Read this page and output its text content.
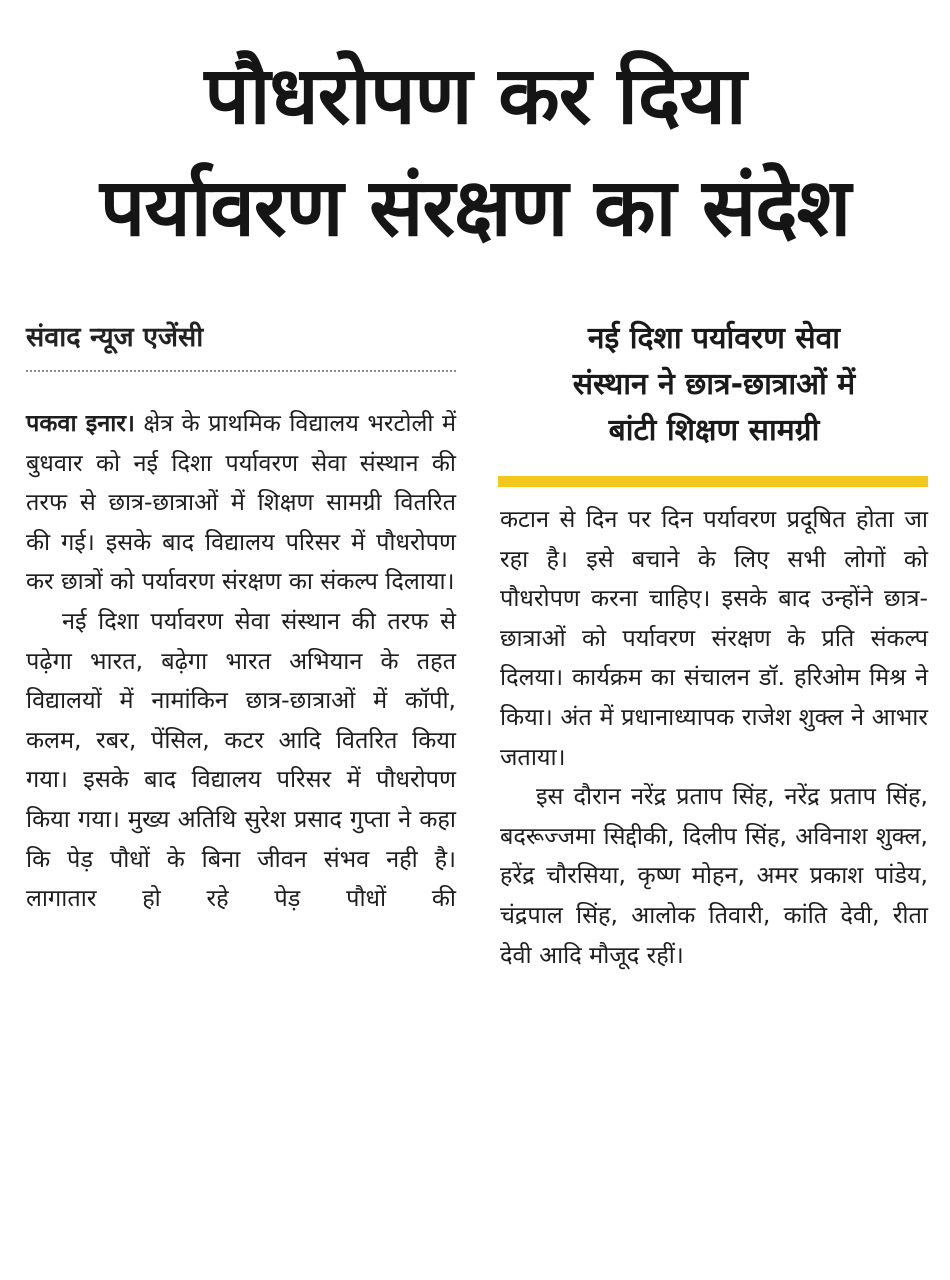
पौधरोपण कर दिया
पर्यावरण संरक्षण का संदेश
संवाद न्यूज एजेंसी	नई दिशा पर्यावरण सेवा
संस्थान ने छात्र-छात्राओं में
बांटी शिक्षण सामग्री

पकवा इनार। क्षेत्र के प्राथमिक विद्यालय भरटोली में बुधवार को नई दिशा पर्यावरण सेवा संस्थान की तरफ से छात्र-छात्राओं में शिक्षण सामग्री वितरित की गई। इसके बाद विद्यालय परिसर में पौधरोपण कर छात्रों को पर्यावरण संरक्षण का संकल्प दिलाया।

नई दिशा पर्यावरण सेवा संस्थान की तरफ से पढ़ेगा भारत, बढ़ेगा भारत अभियान के तहत विद्यालयों में नामांकिन छात्र-छात्राओं में कॉपी, कलम, रबर, पेंसिल, कटर आदि वितरित किया गया। इसके बाद विद्यालय परिसर में पौधरोपण किया गया। मुख्य अतिथि सुरेश प्रसाद गुप्ता ने कहा कि पेड़ पौधों के बिना जीवन संभव नही है। लागातार हो रहे पेड़ पौधों की

कटान से दिन पर दिन पर्यावरण प्रदूषित होता जा रहा है। इसे बचाने के लिए सभी लोगों को पौधरोपण करना चाहिए। इसके बाद उन्होंने छात्र-छात्राओं को पर्यावरण संरक्षण के प्रति संकल्प दिलया। कार्यक्रम का संचालन डॉ. हरिओम मिश्र ने किया। अंत में प्रधानाध्यापक राजेश शुक्ल ने आभार जताया।

इस दौरान नरेंद्र प्रताप सिंह, नरेंद्र प्रताप सिंह, बदरूज्जमा सिद्दीकी, दिलीप सिंह, अविनाश शुक्ल, हरेंद्र चौरसिया, कृष्ण मोहन, अमर प्रकाश पांडेय, चंद्रपाल सिंह, आलोक तिवारी, कांति देवी, रीता देवी आदि मौजूद रहीं।
